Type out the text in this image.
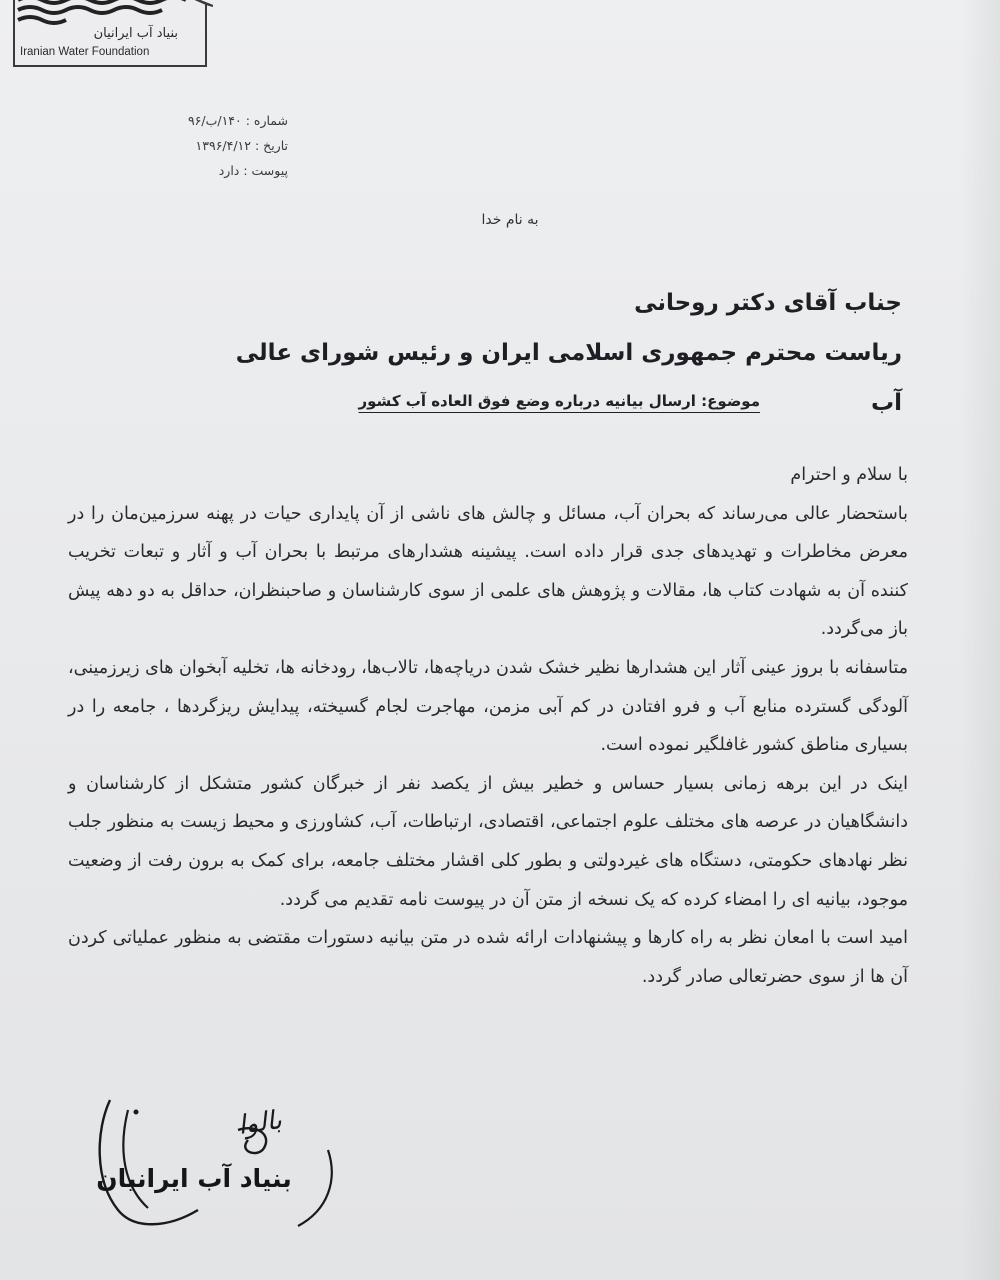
بنیاد آب ایرانیان
Iranian Water Foundation
شماره : ۱۴۰/ب/۹۶
تاریخ : ۱۳۹۶/۴/۱۲
پیوست : دارد
به نام خدا
جناب آقای دکتر روحانی
ریاست محترم جمهوری اسلامی ایران و رئیس شورای عالی آب
موضوع: ارسال بیانیه درباره وضع فوق العاده آب کشور

با سلام و احترام

باستحضار عالی می‌رساند که بحران آب، مسائل و چالش های ناشی از آن پایداری حیات در پهنه سرزمین‌مان را در معرض مخاطرات و تهدیدهای جدی قرار داده است. پیشینه هشدارهای مرتبط با بحران آب و آثار و تبعات تخریب کننده آن به شهادت کتاب ها، مقالات و پژوهش های علمی از سوی کارشناسان و صاحبنظران، حداقل به دو دهه پیش باز می‌گردد.

متاسفانه با بروز عینی آثار این هشدارها نظیر خشک شدن دریاچه‌ها، تالاب‌ها، رودخانه ها، تخلیه آبخوان های زیرزمینی، آلودگی گسترده منابع آب و فرو افتادن در کم آبی مزمن، مهاجرت لجام گسیخته، پیدایش ریزگردها ، جامعه را در بسیاری مناطق کشور غافلگیر نموده است.

اینک در این برهه زمانی بسیار حساس و خطیر بیش از یکصد نفر از خبرگان کشور متشکل از کارشناسان و دانشگاهیان در عرصه های مختلف علوم اجتماعی، اقتصادی، ارتباطات، آب، کشاورزی و محیط زیست به منظور جلب نظر نهادهای حکومتی، دستگاه های غیردولتی و بطور کلی اقشار مختلف جامعه، برای کمک به برون رفت از وضعیت موجود، بیانیه ای را امضاء کرده که یک نسخه از متن آن در پیوست نامه تقدیم می گردد.

امید است با امعان نظر به راه کارها و پیشنهادات ارائه شده در متن بیانیه دستورات مقتضی به منظور عملیاتی کردن آن ها از سوی حضرتعالی صادر گردد.

بالوا
بنیاد آب ایرانیان
